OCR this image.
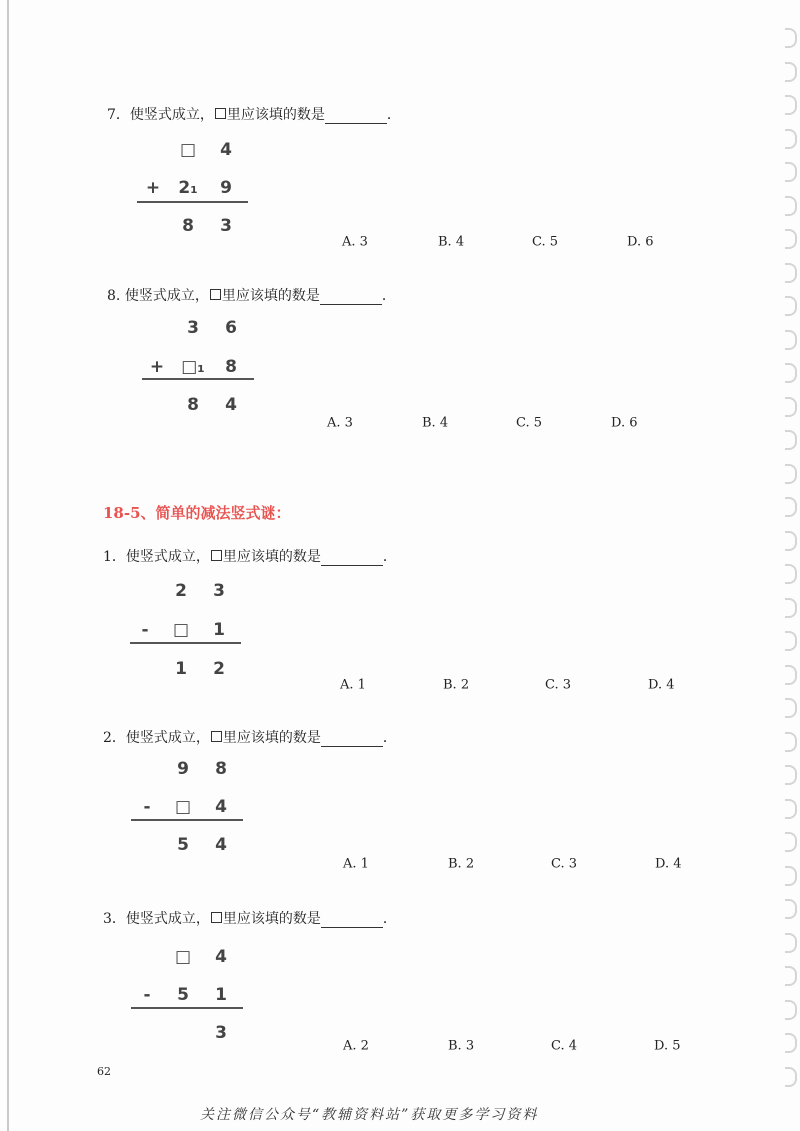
18-5、简单的减法竖式谜：
62
关注微信公众号“教辅资料站”获取更多学习资料
7．使竖式成立， 里应该填的数是	．
□ 4
+ 2₁ 9
8 3
A. 3	B. 4	C. 5	D. 6
8. 使竖式成立， 里应该填的数是	．
3 6
+ □₁ 8
8 4
A. 3	B. 4	C. 5	D. 6
1．使竖式成立， 里应该填的数是	．
2 3
- □ 1
1 2
A. 1	B. 2	C. 3	D. 4
2．使竖式成立， 里应该填的数是	．
9 8
- □ 4
5 4
A. 1	B. 2	C. 3	D. 4
3．使竖式成立， 里应该填的数是	．
□ 4
- 5 1
3
A. 2	B. 3	C. 4	D. 5
